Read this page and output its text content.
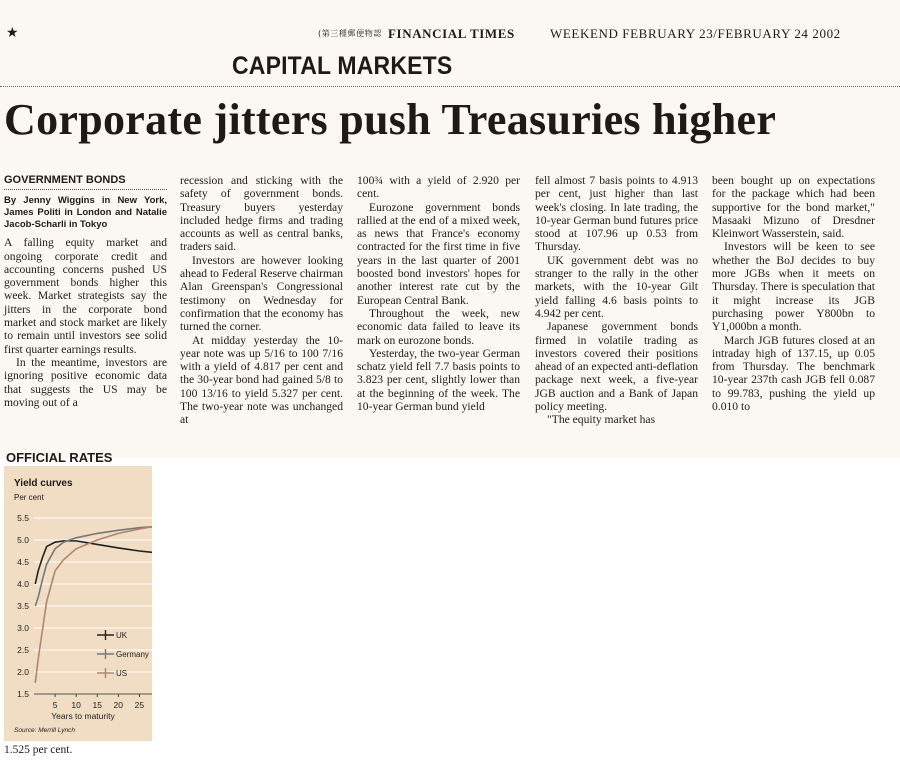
★	(第三種郵便物認 FINANCIAL TIMES	WEEKEND FEBRUARY 23/FEBRUARY 24 2002
CAPITAL MARKETS
Corporate jitters push Treasuries higher
GOVERNMENT BONDS
By Jenny Wiggins in New York, James Politi in London and Natalie Jacob-Scharli in Tokyo

A falling equity market and ongoing corporate credit and accounting concerns pushed US government bonds higher this week. Market strategists say the jitters in the corporate bond market and stock market are likely to remain until investors see solid first quarter earnings results.

In the meantime, investors are ignoring positive economic data that suggests the US may be moving out of a

recession and sticking with the safety of government bonds. Treasury buyers yesterday included hedge firms and trading accounts as well as central banks, traders said.

Investors are however looking ahead to Federal Reserve chairman Alan Greenspan's Congressional testimony on Wednesday for confirmation that the economy has turned the corner.

At midday yesterday the 10-year note was up 5/16 to 100 7/16 with a yield of 4.817 per cent and the 30-year bond had gained 5/8 to 100 13/16 to yield 5.327 per cent. The two-year note was unchanged at

100¾ with a yield of 2.920 per cent.

Eurozone government bonds rallied at the end of a mixed week, as news that France's economy contracted for the first time in five years in the last quarter of 2001 boosted bond investors' hopes for another interest rate cut by the European Central Bank.

Throughout the week, new economic data failed to leave its mark on eurozone bonds.

Yesterday, the two-year German schatz yield fell 7.7 basis points to 3.823 per cent, slightly lower than at the beginning of the week. The 10-year German bund yield

fell almost 7 basis points to 4.913 per cent, just higher than last week's closing. In late trading, the 10-year German bund futures price stood at 107.96 up 0.53 from Thursday.

UK government debt was no stranger to the rally in the other markets, with the 10-year Gilt yield falling 4.6 basis points to 4.942 per cent.

Japanese government bonds firmed in volatile trading as investors covered their positions ahead of an expected anti-deflation package next week, a five-year JGB auction and a Bank of Japan policy meeting.

"The equity market has

been bought up on expectations for the package which had been supportive for the bond market," Masaaki Mizuno of Dresdner Kleinwort Wasserstein, said.

Investors will be keen to see whether the BoJ decides to buy more JGBs when it meets on Thursday. There is speculation that it might increase its JGB purchasing power Y800bn to Y1,000bn a month.

March JGB futures closed at an intraday high of 137.15, up 0.05 from Thursday. The benchmark 10-year 237th cash JGB fell 0.087 to 99.783, pushing the yield up 0.010 to

OFFICIAL RATES
Yield curves
Per cent
5.5
5.0
4.5
4.0
3.5
3.0
2.5
2.0
1.5
5 10 15 20 25
Years to maturity
UK
Germany
US
Source: Merrill Lynch
1.525 per cent.
